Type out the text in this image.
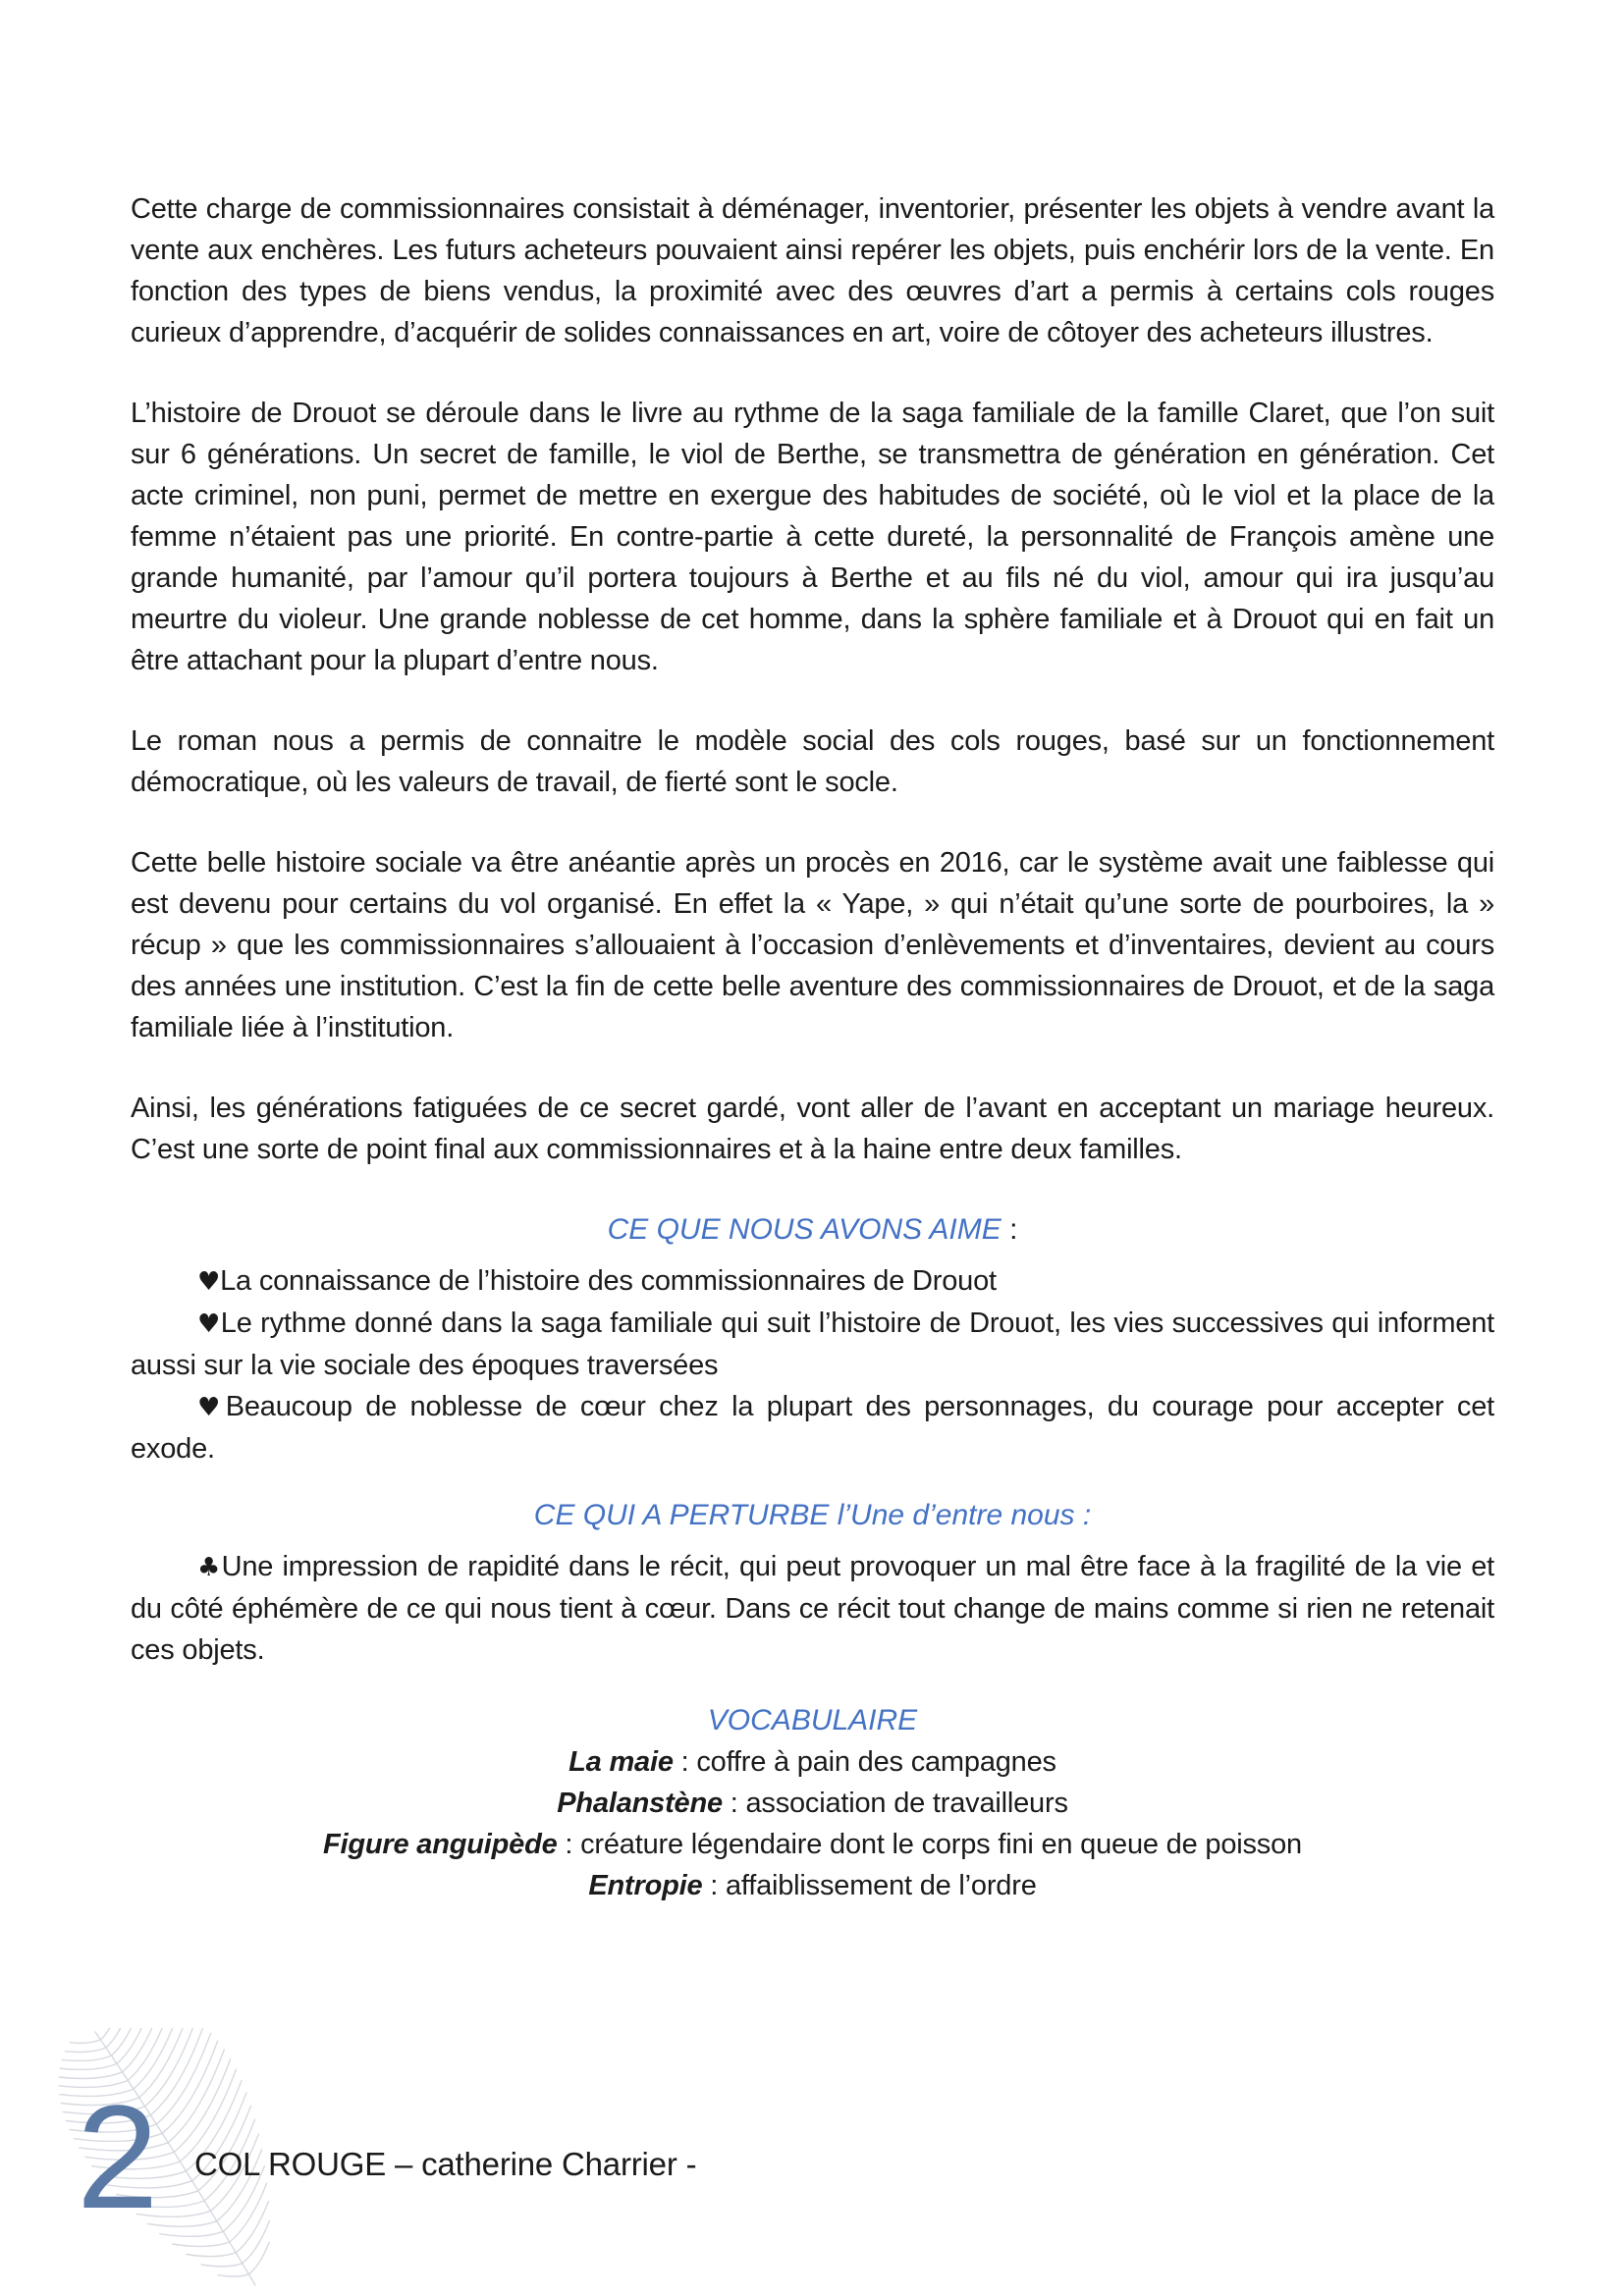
Cette charge de commissionnaires consistait à déménager, inventorier, présenter les objets à vendre avant la vente aux enchères. Les futurs acheteurs pouvaient ainsi repérer les objets, puis enchérir lors de la vente. En fonction des types de biens vendus, la proximité avec des œuvres d’art a permis à certains cols rouges curieux d’apprendre, d’acquérir de solides connaissances en art, voire de côtoyer des acheteurs illustres.

L’histoire de Drouot se déroule dans le livre au rythme de la saga familiale de la famille Claret, que l’on suit sur 6 générations. Un secret de famille, le viol de Berthe, se transmettra de génération en génération. Cet acte criminel, non puni, permet de mettre en exergue des habitudes de société, où le viol et la place de la femme n’étaient pas une priorité. En contre-partie à cette dureté, la personnalité de François amène une grande humanité, par l’amour qu’il portera toujours à Berthe et au fils né du viol, amour qui ira jusqu’au meurtre du violeur. Une grande noblesse de cet homme, dans la sphère familiale et à Drouot qui en fait un être attachant pour la plupart d’entre nous.

Le roman nous a permis de connaitre le modèle social des cols rouges, basé sur un fonctionnement démocratique, où les valeurs de travail, de fierté sont le socle.

Cette belle histoire sociale va être anéantie après un procès en 2016, car le système avait une faiblesse qui est devenu pour certains du vol organisé. En effet la « Yape, » qui n’était qu’une sorte de pourboires, la » récup » que les commissionnaires s’allouaient à l’occasion d’enlèvements et d’inventaires, devient au cours des années une institution. C’est la fin de cette belle aventure des commissionnaires de Drouot, et de la saga familiale liée à l’institution.

Ainsi, les générations fatiguées de ce secret gardé, vont aller de l’avant en acceptant un mariage heureux. C’est une sorte de point final aux commissionnaires et à la haine entre deux familles.

CE QUE NOUS AVONS AIME :

♥La connaissance de l’histoire des commissionnaires de Drouot

♥Le rythme donné dans la saga familiale qui suit l’histoire de Drouot, les vies successives qui informent aussi sur la vie sociale des époques traversées

♥Beaucoup de noblesse de cœur chez la plupart des personnages, du courage pour accepter cet exode.

CE QUI A PERTURBE l’Une d’entre nous :

♣Une impression de rapidité dans le récit, qui peut provoquer un mal être face à la fragilité de la vie et du côté éphémère de ce qui nous tient à cœur. Dans ce récit tout change de mains comme si rien ne retenait ces objets.

VOCABULAIRE

La maie : coffre à pain des campagnes

Phalanstène : association de travailleurs

Figure anguipède : créature légendaire dont le corps fini en queue de poisson

Entropie : affaiblissement de l’ordre

2 COL ROUGE – catherine Charrier -
